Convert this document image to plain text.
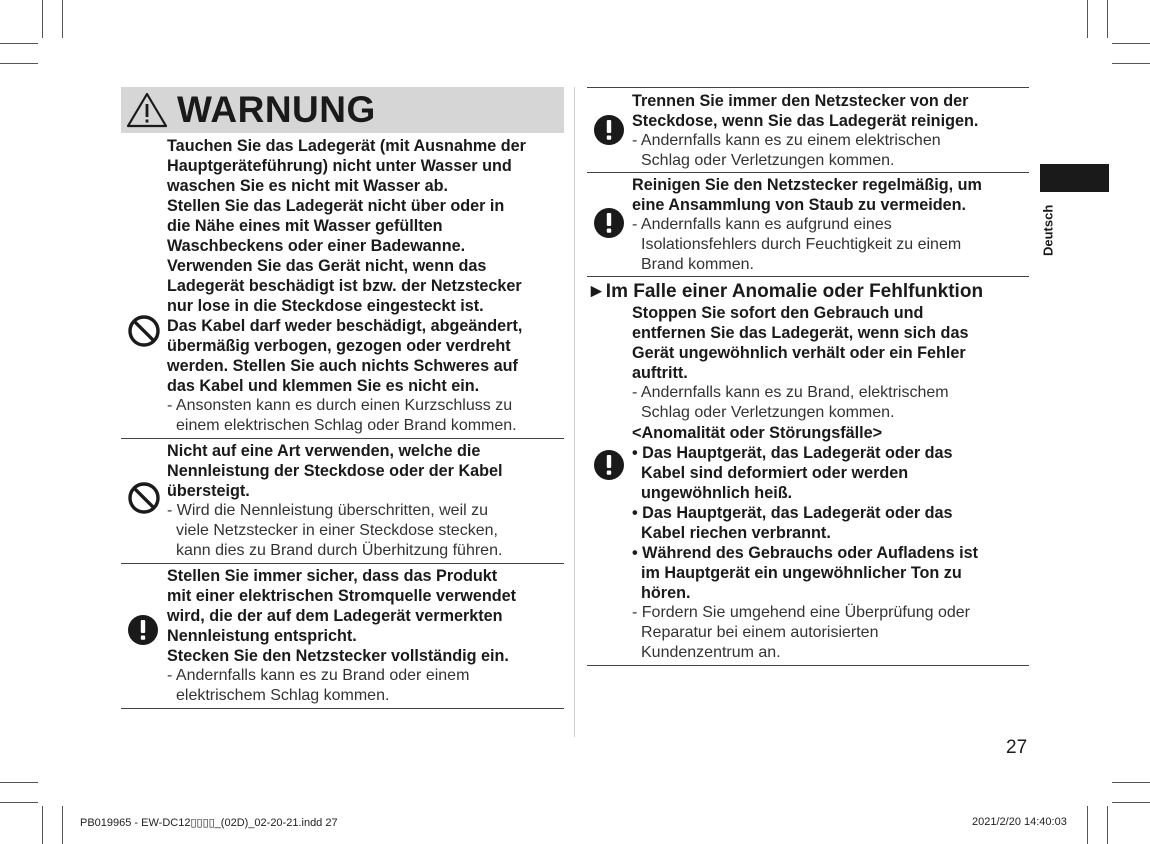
WARNUNG
Tauchen Sie das Ladegerät (mit Ausnahme der
Hauptgeräteführung) nicht unter Wasser und
waschen Sie es nicht mit Wasser ab.
Stellen Sie das Ladegerät nicht über oder in
die Nähe eines mit Wasser gefüllten
Waschbeckens oder einer Badewanne.
Verwenden Sie das Gerät nicht, wenn das
Ladegerät beschädigt ist bzw. der Netzstecker
nur lose in die Steckdose eingesteckt ist.
Das Kabel darf weder beschädigt, abgeändert,
übermäßig verbogen, gezogen oder verdreht
werden. Stellen Sie auch nichts Schweres auf
das Kabel und klemmen Sie es nicht ein.
- Ansonsten kann es durch einen Kurzschluss zu
einem elektrischen Schlag oder Brand kommen.
Nicht auf eine Art verwenden, welche die
Nennleistung der Steckdose oder der Kabel
übersteigt.
- Wird die Nennleistung überschritten, weil zu
viele Netzstecker in einer Steckdose stecken,
kann dies zu Brand durch Überhitzung führen.
Stellen Sie immer sicher, dass das Produkt
mit einer elektrischen Stromquelle verwendet
wird, die der auf dem Ladegerät vermerkten
Nennleistung entspricht.
Stecken Sie den Netzstecker vollständig ein.
- Andernfalls kann es zu Brand oder einem
elektrischem Schlag kommen.
Trennen Sie immer den Netzstecker von der
Steckdose, wenn Sie das Ladegerät reinigen.
- Andernfalls kann es zu einem elektrischen
Schlag oder Verletzungen kommen.
Reinigen Sie den Netzstecker regelmäßig, um
eine Ansammlung von Staub zu vermeiden.
- Andernfalls kann es aufgrund eines
Isolationsfehlers durch Feuchtigkeit zu einem
Brand kommen.
►Im Falle einer Anomalie oder Fehlfunktion
Stoppen Sie sofort den Gebrauch und
entfernen Sie das Ladegerät, wenn sich das
Gerät ungewöhnlich verhält oder ein Fehler
auftritt.
- Andernfalls kann es zu Brand, elektrischem
Schlag oder Verletzungen kommen.
<Anomalität oder Störungsfälle>
• Das Hauptgerät, das Ladegerät oder das
Kabel sind deformiert oder werden
ungewöhnlich heiß.
• Das Hauptgerät, das Ladegerät oder das
Kabel riechen verbrannt.
• Während des Gebrauchs oder Aufladens ist
im Hauptgerät ein ungewöhnlicher Ton zu
hören.
- Fordern Sie umgehend eine Überprüfung oder
Reparatur bei einem autorisierten
Kundenzentrum an.
Deutsch
27
PB019965 - EW-DC12▯▯▯▯_(02D)_02-20-21.indd 27	2021/2/20 14:40:03
